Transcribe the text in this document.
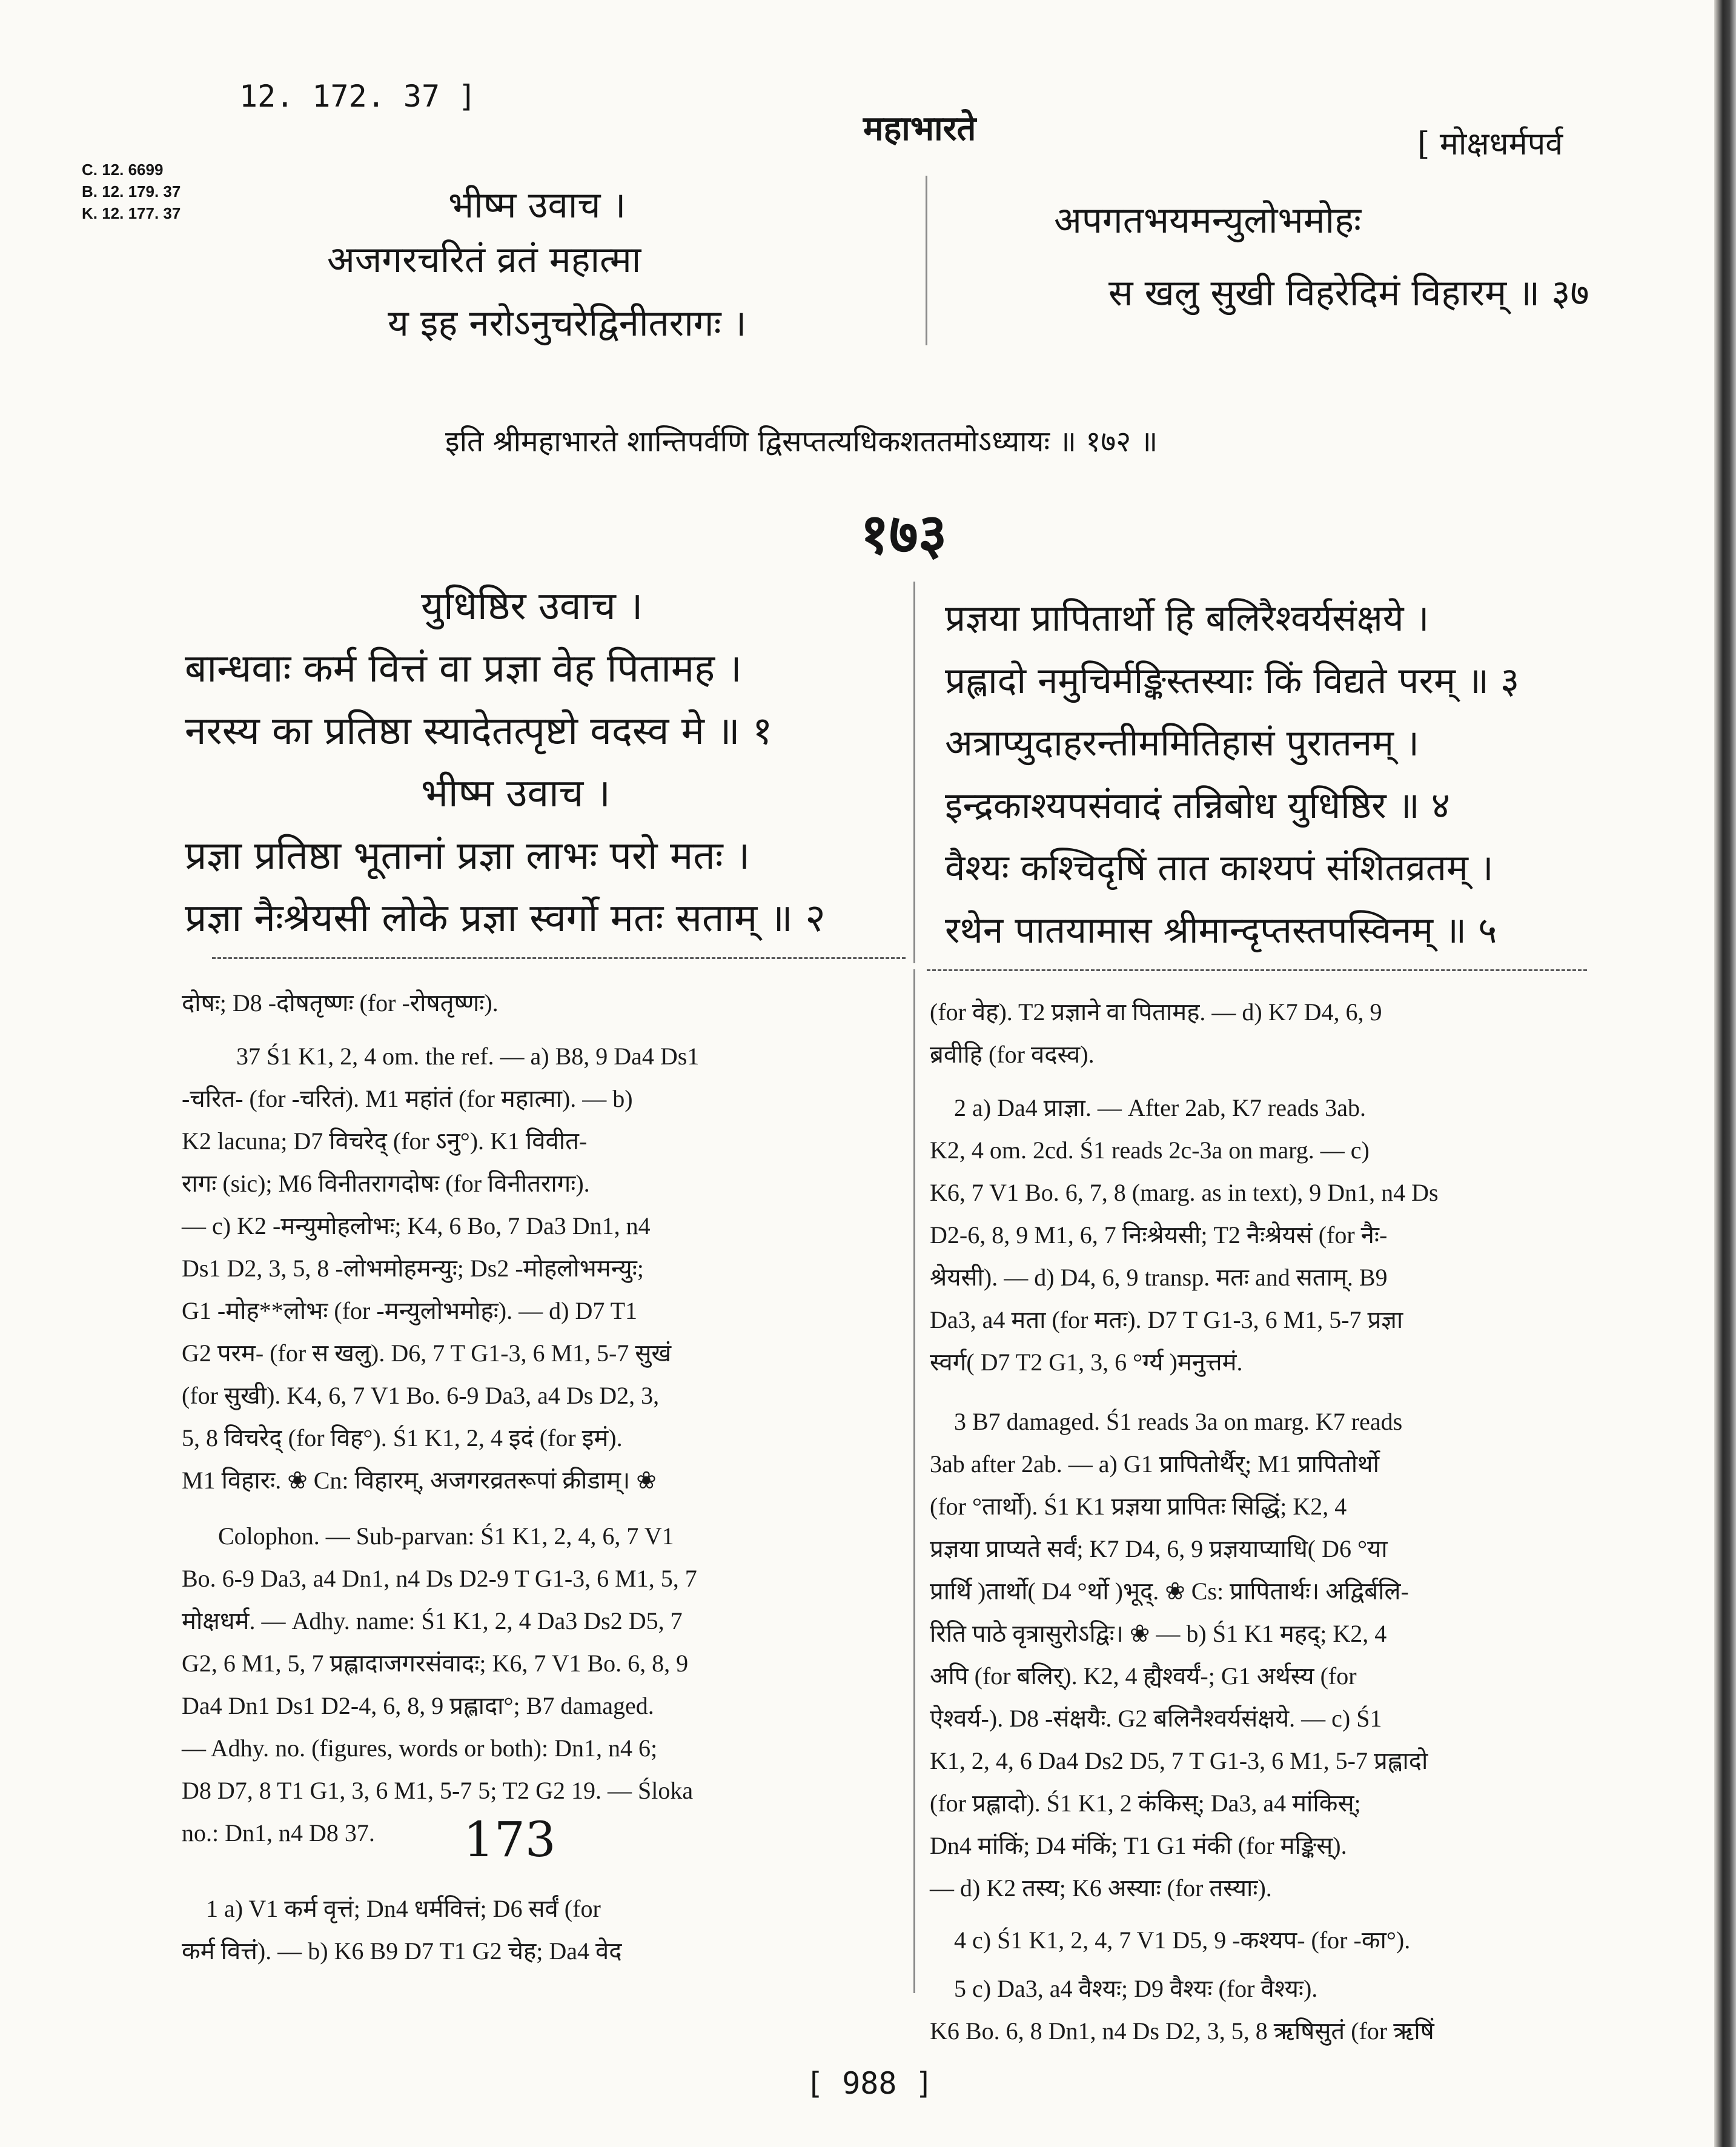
12. 172. 37 ]
महाभारते	[ मोक्षधर्मपर्व
C. 12. 6699
B. 12. 179. 37
K. 12. 177. 37	भीष्म उवाच ।
अजगरचरितं व्रतं महात्मा
य इह नरोऽनुचरेद्विनीतरागः ।
अपगतभयमन्युलोभमोहः
स खलु सुखी विहरेदिमं विहारम् ॥ ३७
इति श्रीमहाभारते शान्तिपर्वणि द्विसप्तत्यधिकशततमोऽध्यायः ॥ १७२ ॥
१७३
युधिष्ठिर उवाच ।
बान्धवाः कर्म वित्तं वा प्रज्ञा वेह पितामह ।
नरस्य का प्रतिष्ठा स्यादेतत्पृष्टो वदस्व मे ॥ १
भीष्म उवाच ।
प्रज्ञा प्रतिष्ठा भूतानां प्रज्ञा लाभः परो मतः ।
प्रज्ञा नैःश्रेयसी लोके प्रज्ञा स्वर्गो मतः सताम् ॥ २
प्रज्ञया प्रापितार्थो हि बलिरैश्वर्यसंक्षये ।
प्रह्लादो नमुचिर्मङ्किस्तस्याः किं विद्यते परम् ॥ ३
अत्राप्युदाहरन्तीममितिहासं पुरातनम् ।
इन्द्रकाश्यपसंवादं तन्निबोध युधिष्ठिर ॥ ४
वैश्यः कश्चिदृषिं तात काश्यपं संशितव्रतम् ।
रथेन पातयामास श्रीमान्दृप्तस्तपस्विनम् ॥ ५

दोषः; D8 -दोषतृष्णः (for -रोषतृष्णः).

37 Ś1 K1, 2, 4 om. the ref. — a) B8, 9 Da4 Ds1

-चरित- (for -चरितं). M1 महांतं (for महात्मा). — b)

K2 lacuna; D7 विचरेद् (for ऽनु°). K1 विवीत-

रागः (sic); M6 विनीतरागदोषः (for विनीतरागः).

— c) K2 -मन्युमोहलोभः; K4, 6 Bo, 7 Da3 Dn1, n4

Ds1 D2, 3, 5, 8 -लोभमोहमन्युः; Ds2 -मोहलोभमन्युः;

G1 -मोह**लोभः (for -मन्युलोभमोहः). — d) D7 T1

G2 परम- (for स खलु). D6, 7 T G1-3, 6 M1, 5-7 सुखं

(for सुखी). K4, 6, 7 V1 Bo. 6-9 Da3, a4 Ds D2, 3,

5, 8 विचरेद् (for विह°). Ś1 K1, 2, 4 इदं (for इमं).

M1 विहारः. ❀ Cn: विहारम्, अजगरव्रतरूपां क्रीडाम्। ❀

Colophon. — Sub-parvan: Ś1 K1, 2, 4, 6, 7 V1

Bo. 6-9 Da3, a4 Dn1, n4 Ds D2-9 T G1-3, 6 M1, 5, 7

मोक्षधर्म. — Adhy. name: Ś1 K1, 2, 4 Da3 Ds2 D5, 7

G2, 6 M1, 5, 7 प्रह्लादाजगरसंवादः; K6, 7 V1 Bo. 6, 8, 9

Da4 Dn1 Ds1 D2-4, 6, 8, 9 प्रह्लादा°; B7 damaged.

— Adhy. no. (figures, words or both): Dn1, n4 6;

D8 D7, 8 T1 G1, 3, 6 M1, 5-7 5; T2 G2 19. — Śloka

no.: Dn1, n4 D8 37.	173

1 a) V1 कर्म वृत्तं; Dn4 धर्मवित्तं; D6 सर्वं (for

कर्म वित्तं). — b) K6 B9 D7 T1 G2 चेह; Da4 वेद

(for वेह). T2 प्रज्ञाने वा पितामह. — d) K7 D4, 6, 9

ब्रवीहि (for वदस्व).

2 a) Da4 प्राज्ञा. — After 2ab, K7 reads 3ab.

K2, 4 om. 2cd. Ś1 reads 2c-3a on marg. — c)

K6, 7 V1 Bo. 6, 7, 8 (marg. as in text), 9 Dn1, n4 Ds

D2-6, 8, 9 M1, 6, 7 निःश्रेयसी; T2 नैःश्रेयसं (for नैः-

श्रेयसी). — d) D4, 6, 9 transp. मतः and सताम्. B9

Da3, a4 मता (for मतः). D7 T G1-3, 6 M1, 5-7 प्रज्ञा

स्वर्ग( D7 T2 G1, 3, 6 °र्ग्य )मनुत्तमं.

3 B7 damaged. Ś1 reads 3a on marg. K7 reads

3ab after 2ab. — a) G1 प्रापितोर्थैर्; M1 प्रापितोर्थो

(for °तार्थो). Ś1 K1 प्रज्ञया प्रापितः सिद्धिं; K2, 4

प्रज्ञया प्राप्यते सर्वं; K7 D4, 6, 9 प्रज्ञयाप्याधि( D6 °या

प्रार्थि )तार्थो( D4 °र्थो )भूद्. ❀ Cs: प्रापितार्थः। अद्विर्बलि-

रिति पाठे वृत्रासुरोऽद्विः। ❀ — b) Ś1 K1 महद्; K2, 4

अपि (for बलिर्). K2, 4 ह्यैश्वर्यं-; G1 अर्थस्य (for

ऐश्वर्य-). D8 -संक्षयैः. G2 बलिनैश्वर्यसंक्षये. — c) Ś1

K1, 2, 4, 6 Da4 Ds2 D5, 7 T G1-3, 6 M1, 5-7 प्रह्लादो

(for प्रह्लादो). Ś1 K1, 2 कंकिस्; Da3, a4 मांकिस्;

Dn4 मांकिं; D4 मंकिं; T1 G1 मंकी (for मङ्किस्).

— d) K2 तस्य; K6 अस्याः (for तस्याः).

4 c) Ś1 K1, 2, 4, 7 V1 D5, 9 -कश्यप- (for -का°).

5 c) Da3, a4 वैश्यः; D9 वैश्यः (for वैश्यः).

K6 Bo. 6, 8 Dn1, n4 Ds D2, 3, 5, 8 ऋषिसुतं (for ऋषिं

[ 988 ]
